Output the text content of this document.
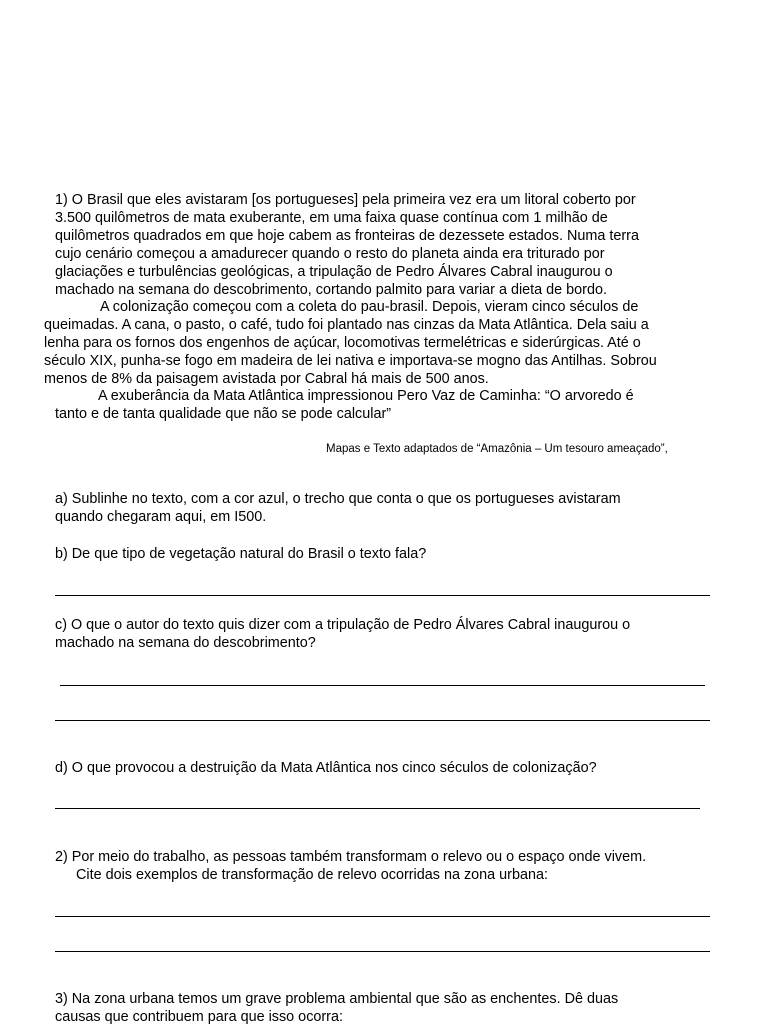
1) O Brasil que eles avistaram [os portugueses] pela primeira vez era um litoral coberto por
3.500 quilômetros de mata exuberante, em uma faixa quase contínua com 1 milhão de
quilômetros quadrados em que hoje cabem as fronteiras de dezessete estados. Numa terra
cujo cenário começou a amadurecer quando o resto do planeta ainda era triturado por
glaciações e turbulências geológicas, a tripulação de Pedro Álvares Cabral inaugurou o
machado na semana do descobrimento, cortando palmito para variar a dieta de bordo.
A colonização começou com a coleta do pau-brasil. Depois, vieram cinco séculos de
queimadas. A cana, o pasto, o café, tudo foi plantado nas cinzas da Mata Atlântica. Dela saiu a
lenha para os fornos dos engenhos de açúcar, locomotivas termelétricas e siderúrgicas. Até o
século XIX, punha-se fogo em madeira de lei nativa e importava-se mogno das Antilhas. Sobrou
menos de 8% da paisagem avistada por Cabral há mais de 500 anos.
A exuberância da Mata Atlântica impressionou Pero Vaz de Caminha: “O arvoredo é
tanto e de tanta qualidade que não se pode calcular”
Mapas e Texto adaptados de “Amazônia – Um tesouro ameaçado”,
a) Sublinhe no texto, com a cor azul, o trecho que conta o que os portugueses avistaram
quando chegaram aqui, em I500.
b) De que tipo de vegetação natural do Brasil o texto fala?
c) O que o autor do texto quis dizer com a tripulação de Pedro Álvares Cabral inaugurou o
machado na semana do descobrimento?
d) O que provocou a destruição da Mata Atlântica nos cinco séculos de colonização?
2) Por meio do trabalho, as pessoas também transformam o relevo ou o espaço onde vivem.
Cite dois exemplos de transformação de relevo ocorridas na zona urbana:
3) Na zona urbana temos um grave problema ambiental que são as enchentes. Dê duas
causas que contribuem para que isso ocorra:
